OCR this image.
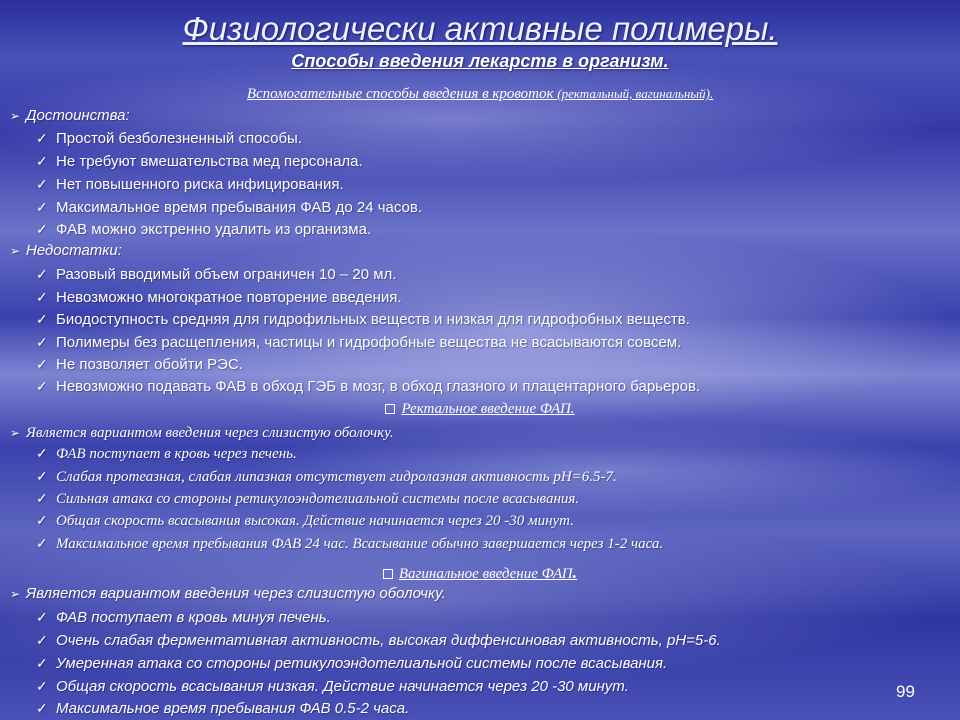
Физиологически активные полимеры.
Способы введения лекарств в организм.
Вспомогательные способы введения в кровоток (ректальный, вагинальный).
➢ Достоинства:
✓ Простой безболезненный способы.
✓ Не требуют вмешательства мед персонала.
✓ Нет повышенного риска инфицирования.
✓ Максимальное время пребывания ФАВ до 24 часов.
✓ ФАВ можно экстренно удалить из организма.
➢ Недостатки:
✓ Разовый вводимый объем ограничен 10 – 20 мл.
✓ Невозможно многократное повторение введения.
✓ Биодоступность средняя для гидрофильных веществ и низкая для гидрофобных веществ.
✓ Полимеры без расщепления, частицы и гидрофобные вещества не всасываются совсем.
✓ Не позволяет обойти РЭС.
✓ Невозможно подавать ФАВ в обход ГЭБ в мозг, в обход глазного и плацентарного барьеров.
Ректальное введение ФАП.
➢ Является вариантом введения через слизистую оболочку.
✓ ФАВ поступает в кровь через печень.
✓ Слабая протеазная, слабая липазная отсутствует гидролазная активность pH=6.5-7.
✓ Сильная атака со стороны ретикулоэндотелиальной системы после всасывания.
✓ Общая скорость всасывания высокая. Действие начинается через 20 -30 минут.
✓ Максимальное время пребывания ФАВ 24 час. Всасывание обычно завершается через 1-2 часа.
Вагинальное введение ФАП.
➢ Является вариантом введения через слизистую оболочку.
✓ ФАВ поступает в кровь минуя печень.
✓ Очень слабая ферментативная активность, высокая диффенсиновая активность, рН=5-6.
✓ Умеренная атака со стороны ретикулоэндотелиальной системы после всасывания.
✓ Общая скорость всасывания низкая. Действие начинается через 20 -30 минут.
✓ Максимальное время пребывания ФАВ 0.5-2 часа.
99
